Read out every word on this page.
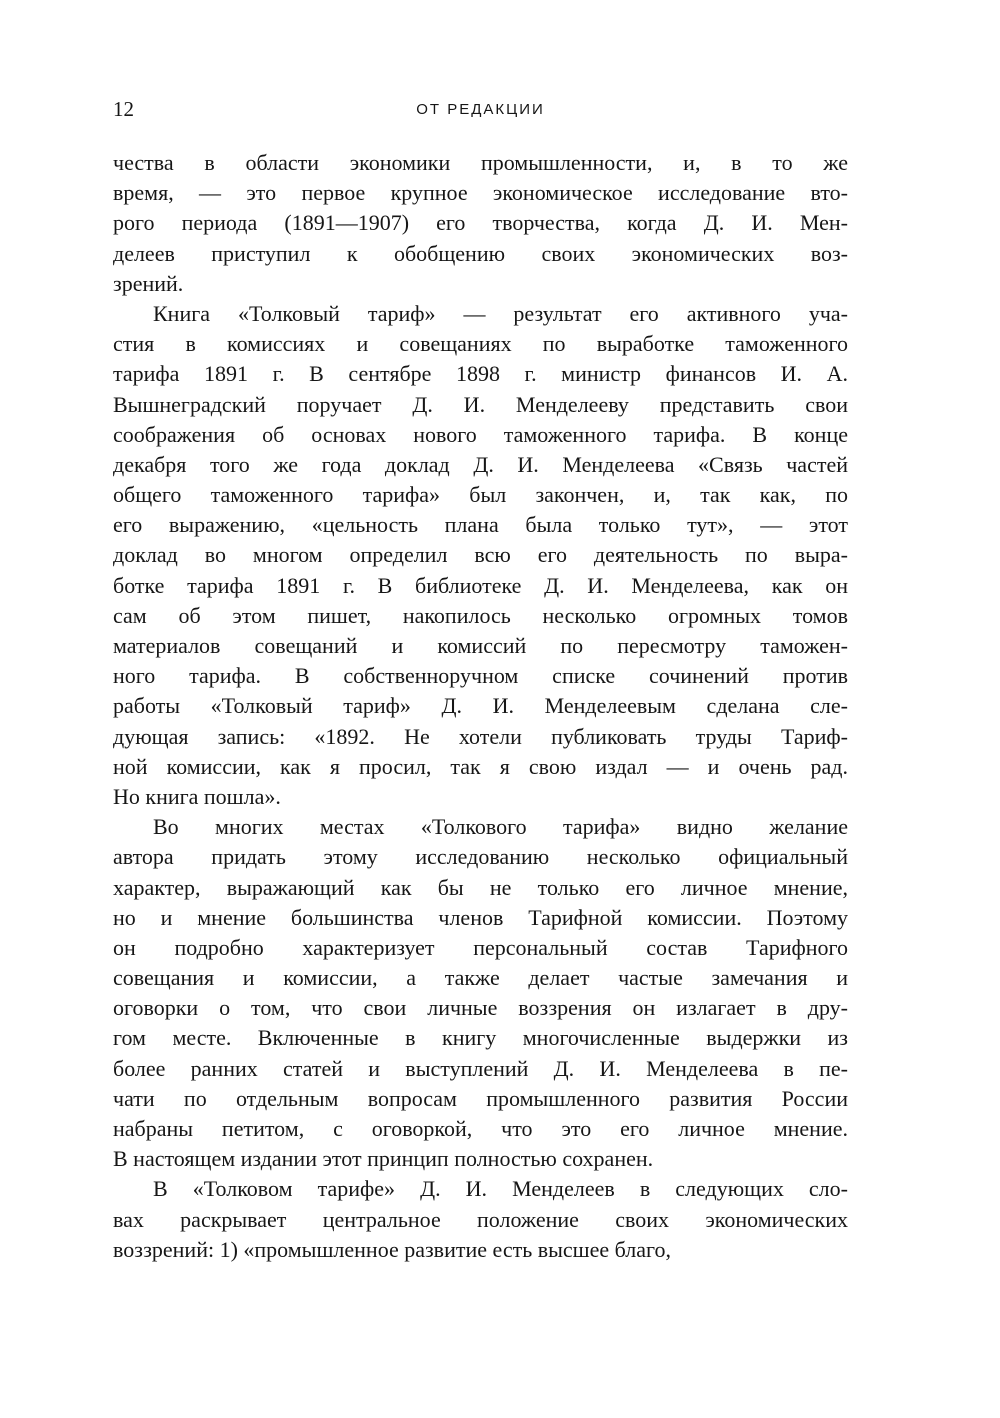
12	ОТ РЕДАКЦИИ
чества в области экономики промышленности, и, в то же
время, — это первое крупное экономическое исследование вто-
рого периода (1891—1907) его творчества, когда Д. И. Мен-
делеев приступил к обобщению своих экономических воз-
зрений.
Книга «Толковый тариф» — результат его активного уча-
стия в комиссиях и совещаниях по выработке таможенного
тарифа 1891 г. В сентябре 1898 г. министр финансов И. А.
Вышнеградский поручает Д. И. Менделееву представить свои
соображения об основах нового таможенного тарифа. В конце
декабря того же года доклад Д. И. Менделеева «Связь частей
общего таможенного тарифа» был закончен, и, так как, по
его выражению, «цельность плана была только тут», — этот
доклад во многом определил всю его деятельность по выра-
ботке тарифа 1891 г. В библиотеке Д. И. Менделеева, как он
сам об этом пишет, накопилось несколько огромных томов
материалов совещаний и комиссий по пересмотру таможен-
ного тарифа. В собственноручном списке сочинений против
работы «Толковый тариф» Д. И. Менделеевым сделана сле-
дующая запись: «1892. Не хотели публиковать труды Тариф-
ной комиссии, как я просил, так я свою издал — и очень рад.
Но книга пошла».
Во многих местах «Толкового тарифа» видно желание
автора придать этому исследованию несколько официальный
характер, выражающий как бы не только его личное мнение,
но и мнение большинства членов Тарифной комиссии. Поэтому
он подробно характеризует персональный состав Тарифного
совещания и комиссии, а также делает частые замечания и
оговорки о том, что свои личные воззрения он излагает в дру-
гом месте. Включенные в книгу многочисленные выдержки из
более ранних статей и выступлений Д. И. Менделеева в пе-
чати по отдельным вопросам промышленного развития России
набраны петитом, с оговоркой, что это его личное мнение.
В настоящем издании этот принцип полностью сохранен.
В «Толковом тарифе» Д. И. Менделеев в следующих сло-
вах раскрывает центральное положение своих экономических
воззрений: 1) «промышленное развитие есть высшее благо,
